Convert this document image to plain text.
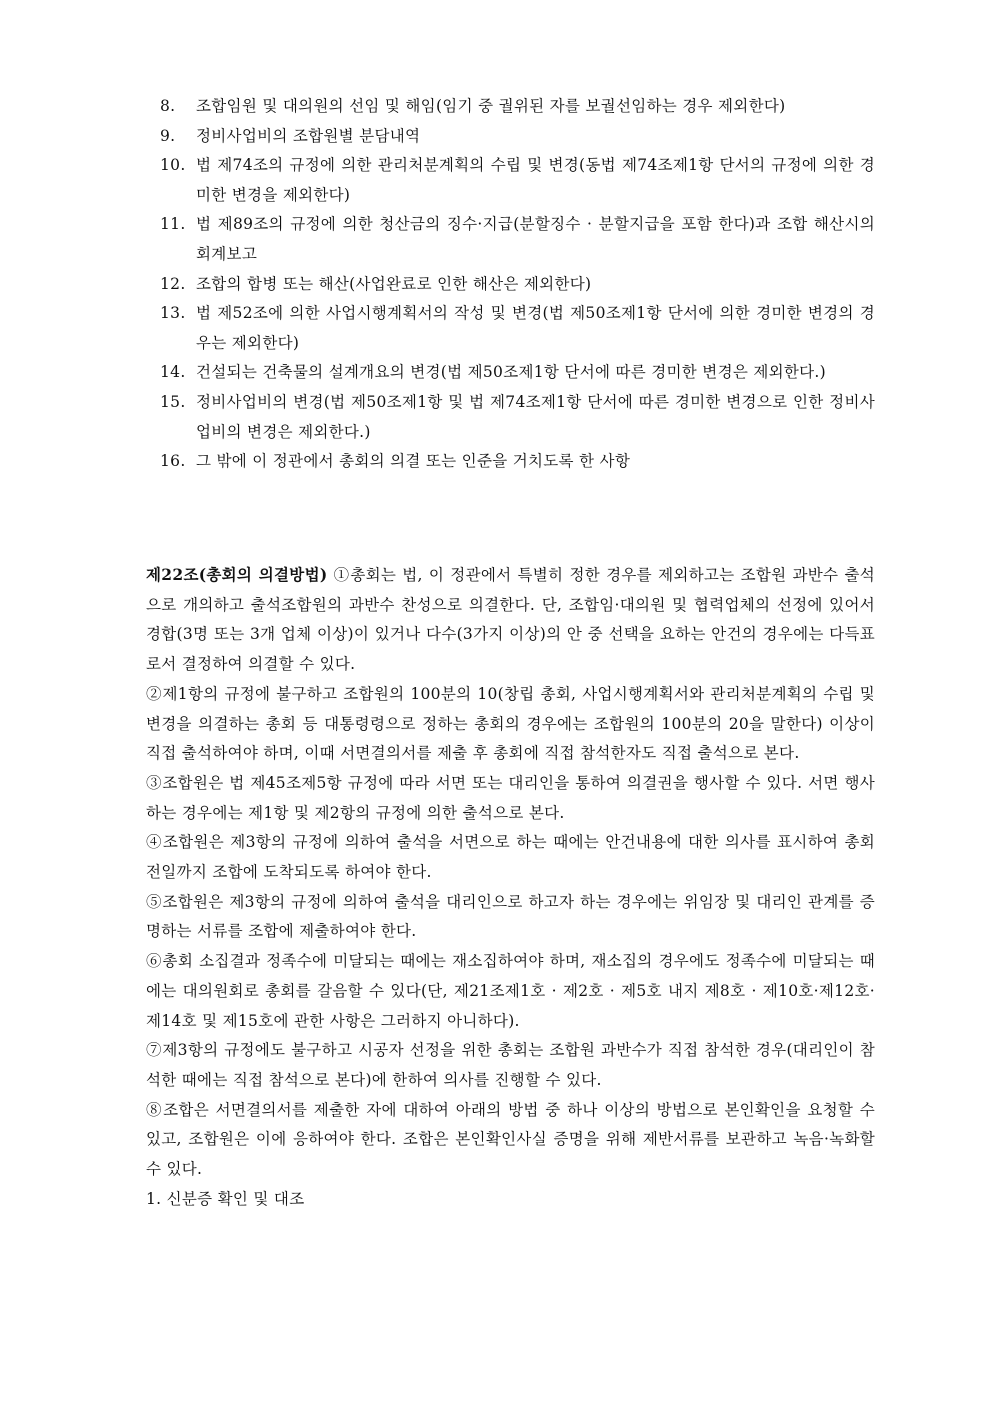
8.	조합임원 및 대의원의 선임 및 해임(임기 중 궐위된 자를 보궐선임하는 경우 제외한다)
9.	정비사업비의 조합원별 분담내역
10. 법 제74조의 규정에 의한 관리처분계획의 수립 및 변경(동법 제74조제1항 단서의 규정에 의한 경미한 변경을 제외한다)
11. 법 제89조의 규정에 의한 청산금의 징수·지급(분할징수 · 분할지급을 포함 한다)과 조합 해산시의 회계보고
12. 조합의 합병 또는 해산(사업완료로 인한 해산은 제외한다)
13. 법 제52조에 의한 사업시행계획서의 작성 및 변경(법 제50조제1항 단서에 의한 경미한 변경의 경우는 제외한다)
14. 건설되는 건축물의 설계개요의 변경(법 제50조제1항 단서에 따른 경미한 변경은 제외한다.)
15. 정비사업비의 변경(법 제50조제1항 및 법 제74조제1항 단서에 따른 경미한 변경으로 인한 정비사업비의 변경은 제외한다.)
16. 그 밖에 이 정관에서 총회의 의결 또는 인준을 거치도록 한 사항

제22조(총회의 의결방법) ①총회는 법, 이 정관에서 특별히 정한 경우를 제외하고는 조합원 과반수 출석으로 개의하고 출석조합원의 과반수 찬성으로 의결한다. 단, 조합임·대의원 및 협력업체의 선정에 있어서 경합(3명 또는 3개 업체 이상)이 있거나 다수(3가지 이상)의 안 중 선택을 요하는 안건의 경우에는 다득표로서 결정하여 의결할 수 있다.

②제1항의 규정에 불구하고 조합원의 100분의 10(창립 총회, 사업시행계획서와 관리처분계획의 수립 및 변경을 의결하는 총회 등 대통령령으로 정하는 총회의 경우에는 조합원의 100분의 20을 말한다) 이상이 직접 출석하여야 하며, 이때 서면결의서를 제출 후 총회에 직접 참석한자도 직접 출석으로 본다.

③조합원은 법 제45조제5항 규정에 따라 서면 또는 대리인을 통하여 의결권을 행사할 수 있다. 서면 행사하는 경우에는 제1항 및 제2항의 규정에 의한 출석으로 본다.

④조합원은 제3항의 규정에 의하여 출석을 서면으로 하는 때에는 안건내용에 대한 의사를 표시하여 총회 전일까지 조합에 도착되도록 하여야 한다.

⑤조합원은 제3항의 규정에 의하여 출석을 대리인으로 하고자 하는 경우에는 위임장 및 대리인 관계를 증명하는 서류를 조합에 제출하여야 한다.

⑥총회 소집결과 정족수에 미달되는 때에는 재소집하여야 하며, 재소집의 경우에도 정족수에 미달되는 때에는 대의원회로 총회를 갈음할 수 있다(단, 제21조제1호 · 제2호 · 제5호 내지 제8호 · 제10호·제12호·제14호 및 제15호에 관한 사항은 그러하지 아니하다).

⑦제3항의 규정에도 불구하고 시공자 선정을 위한 총회는 조합원 과반수가 직접 참석한 경우(대리인이 참석한 때에는 직접 참석으로 본다)에 한하여 의사를 진행할 수 있다.

⑧조합은 서면결의서를 제출한 자에 대하여 아래의 방법 중 하나 이상의 방법으로 본인확인을 요청할 수 있고, 조합원은 이에 응하여야 한다. 조합은 본인확인사실 증명을 위해 제반서류를 보관하고 녹음·녹화할 수 있다.

1. 신분증 확인 및 대조
